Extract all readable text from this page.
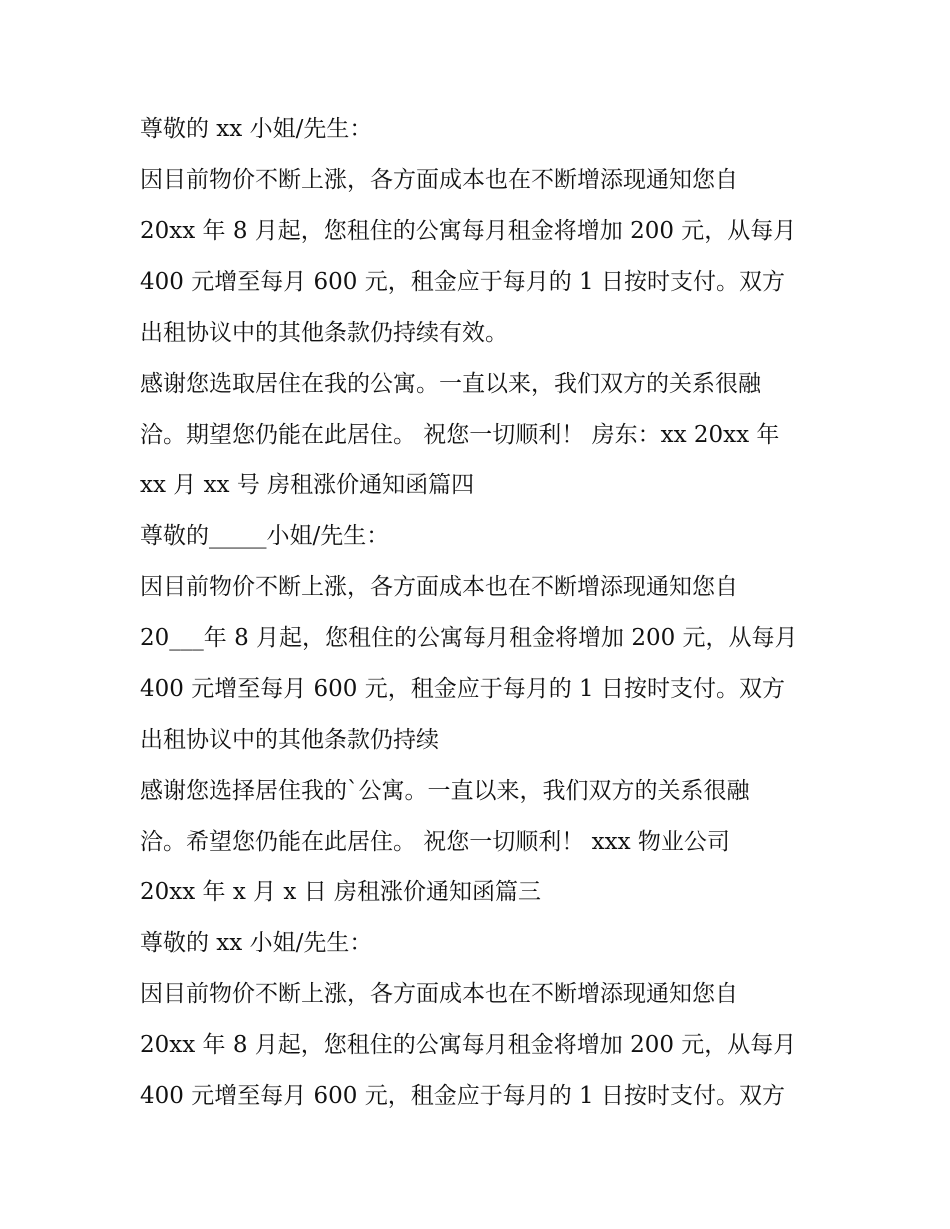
尊敬的 xx 小姐/先生：
因目前物价不断上涨，各方面成本也在不断增添现通知您自
20xx 年 8 月起，您租住的公寓每月租金将增加 200 元，从每月
400 元增至每月 600 元，租金应于每月的 1 日按时支付。双方
出租协议中的其他条款仍持续有效。
感谢您选取居住在我的公寓。一直以来，我们双方的关系很融
洽。期望您仍能在此居住。 祝您一切顺利！ 房东：xx 20xx 年
xx 月 xx 号 房租涨价通知函篇四
尊敬的_____小姐/先生：
因目前物价不断上涨，各方面成本也在不断增添现通知您自
20___年 8 月起，您租住的公寓每月租金将增加 200 元，从每月
400 元增至每月 600 元，租金应于每月的 1 日按时支付。双方
出租协议中的其他条款仍持续
感谢您选择居住我的`公寓。一直以来，我们双方的关系很融
洽。希望您仍能在此居住。 祝您一切顺利！ xxx 物业公司
20xx 年 x 月 x 日 房租涨价通知函篇三
尊敬的 xx 小姐/先生：
因目前物价不断上涨，各方面成本也在不断增添现通知您自
20xx 年 8 月起，您租住的公寓每月租金将增加 200 元，从每月
400 元增至每月 600 元，租金应于每月的 1 日按时支付。双方
